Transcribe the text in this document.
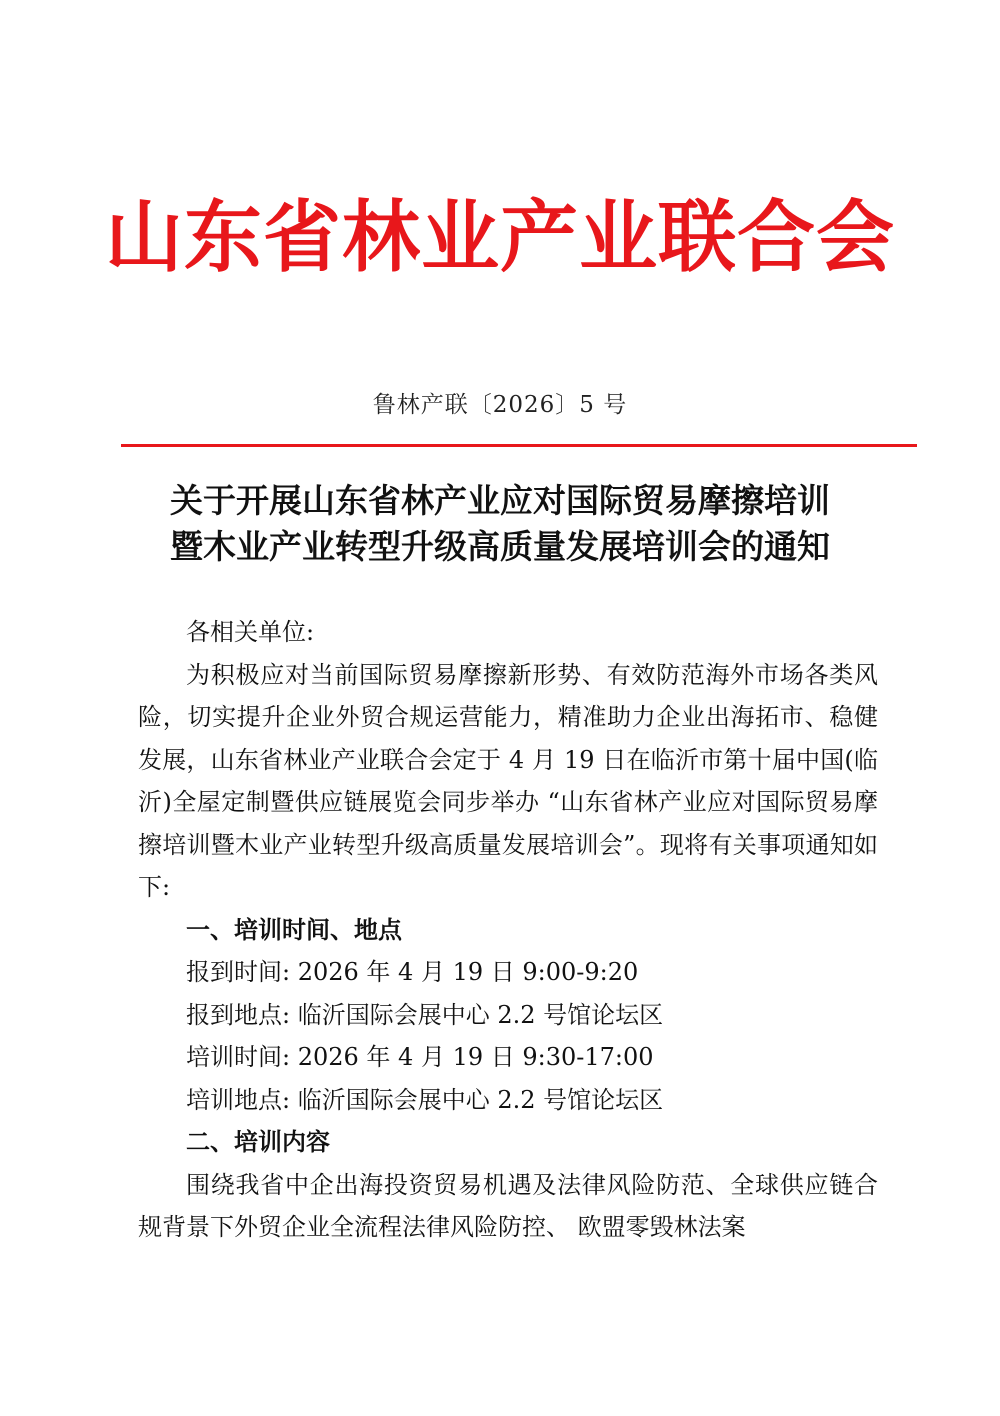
山东省林业产业联合会
鲁林产联〔2026〕5 号
关于开展山东省林产业应对国际贸易摩擦培训
暨木业产业转型升级高质量发展培训会的通知

各相关单位:

为积极应对当前国际贸易摩擦新形势、有效防范海外市场各类风险，切实提升企业外贸合规运营能力，精准助力企业出海拓市、稳健发展，山东省林业产业联合会定于 4 月 19 日在临沂市第十届中国(临沂)全屋定制暨供应链展览会同步举办 “山东省林产业应对国际贸易摩擦培训暨木业产业转型升级高质量发展培训会”。现将有关事项通知如下:

一、培训时间、地点

报到时间: 2026 年 4 月 19 日 9:00-9:20

报到地点: 临沂国际会展中心 2.2 号馆论坛区

培训时间: 2026 年 4 月 19 日 9:30-17:00

培训地点: 临沂国际会展中心 2.2 号馆论坛区

二、培训内容

围绕我省中企出海投资贸易机遇及法律风险防范、全球供应链合规背景下外贸企业全流程法律风险防控、 欧盟零毁林法案
